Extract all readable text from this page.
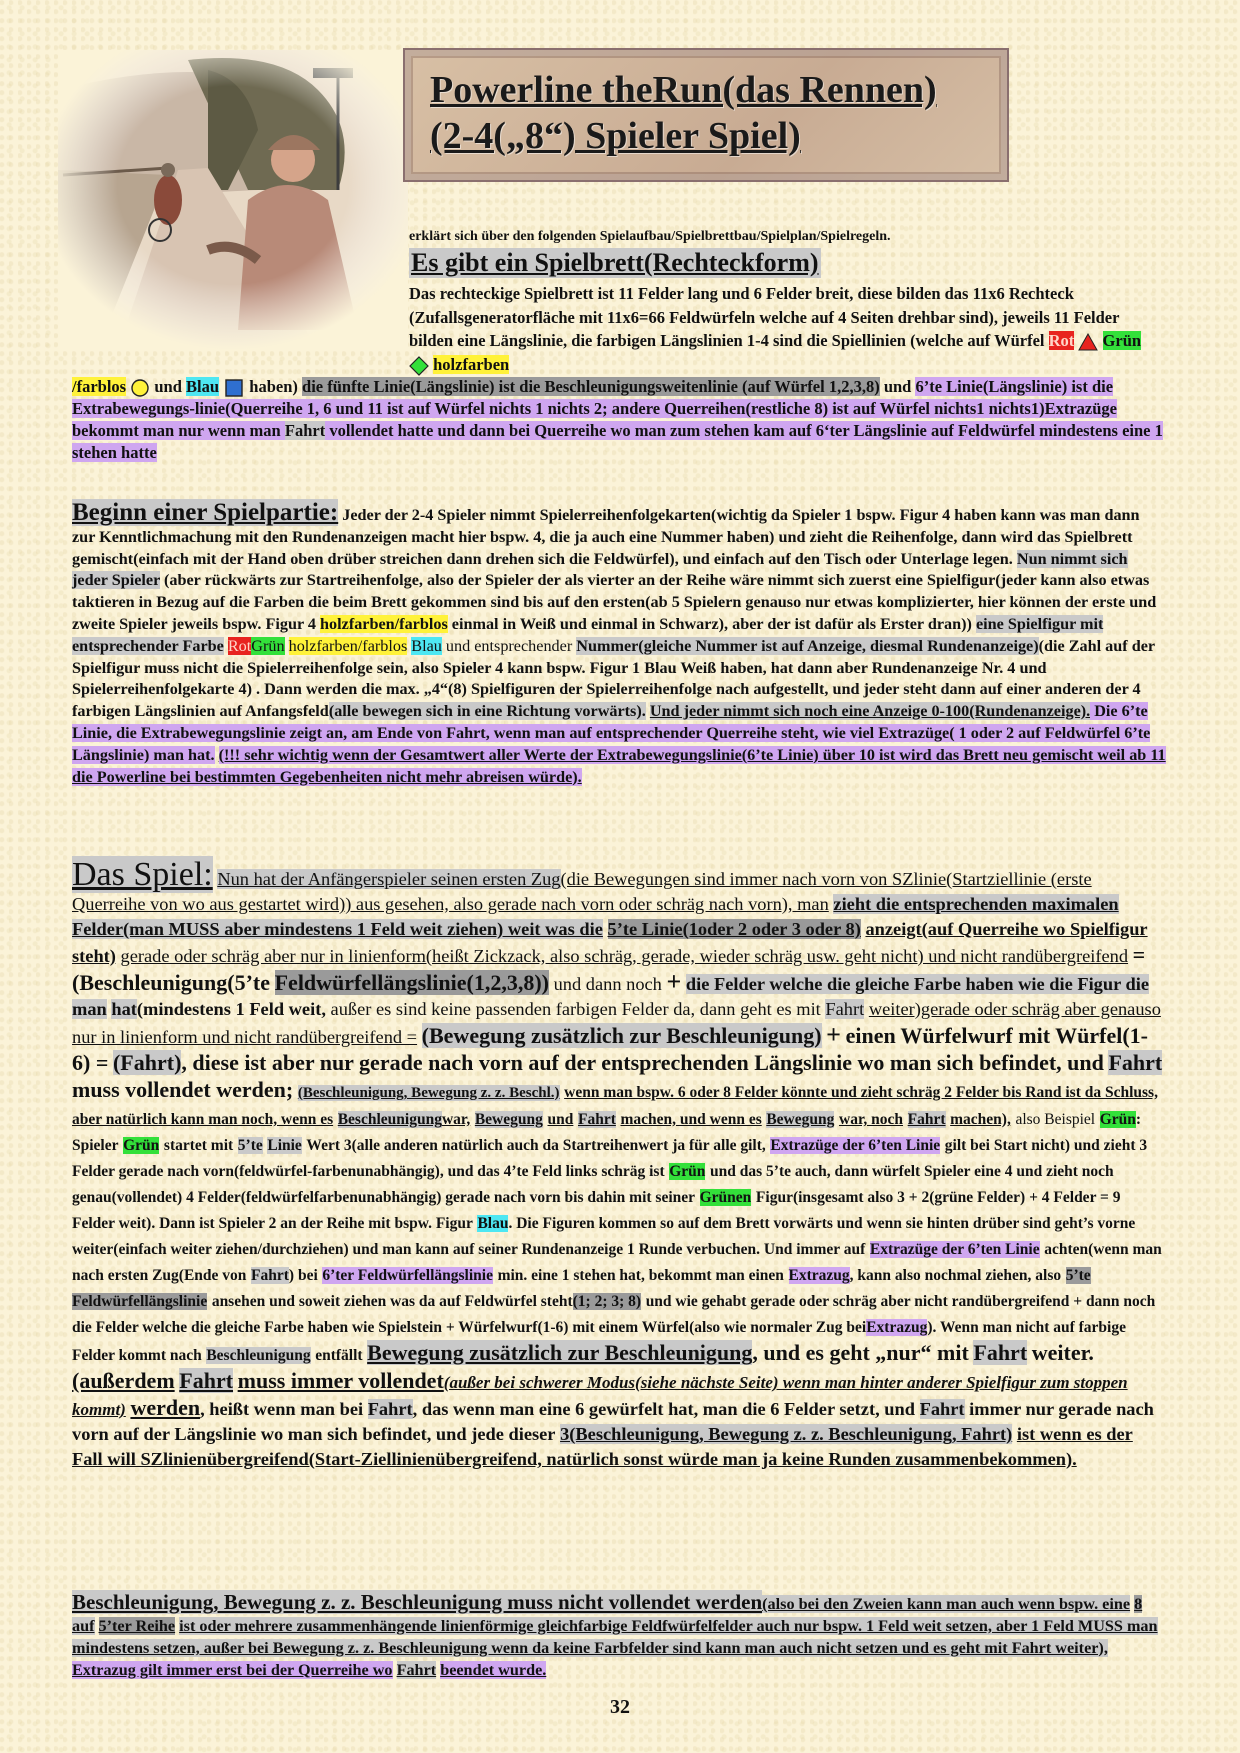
Powerline theRun(das Rennen)
(2-4(„8“) Spieler Spiel)
erklärt sich über den folgenden Spielaufbau/Spielbrettbau/Spielplan/Spielregeln.
Es gibt ein Spielbrett(Rechteckform)
Das rechteckige Spielbrett ist 11 Felder lang und 6 Felder breit, diese bilden das 11x6 Rechteck (Zufallsgeneratorfläche mit 11x6=66 Feldwürfeln welche auf 4 Seiten drehbar sind), jeweils 11 Felder bilden eine Längslinie, die farbigen Längslinien 1-4 sind die Spiellinien (welche auf Würfel Rot Grün holzfarben
/farblos und Blau haben) die fünfte Linie(Längslinie) ist die Beschleunigungsweitenlinie (auf Würfel 1,2,3,8) und 6’te Linie(Längslinie) ist die Extrabewegungs-linie(Querreihe 1, 6 und 11 ist auf Würfel nichts 1 nichts 2; andere Querreihen(restliche 8) ist auf Würfel nichts1 nichts1)Extrazüge bekommt man nur wenn man Fahrt vollendet hatte und dann bei Querreihe wo man zum stehen kam auf 6‘ter Längslinie auf Feldwürfel mindestens eine 1 stehen hatte
Beginn einer Spielpartie: Jeder der 2-4 Spieler nimmt Spielerreihenfolgekarten(wichtig da Spieler 1 bspw. Figur 4 haben kann was man dann zur Kenntlichmachung mit den Rundenanzeigen macht hier bspw. 4, die ja auch eine Nummer haben) und zieht die Reihenfolge, dann wird das Spielbrett gemischt(einfach mit der Hand oben drüber streichen dann drehen sich die Feldwürfel), und einfach auf den Tisch oder Unterlage legen. Nun nimmt sich jeder Spieler (aber rückwärts zur Startreihenfolge, also der Spieler der als vierter an der Reihe wäre nimmt sich zuerst eine Spielfigur(jeder kann also etwas taktieren in Bezug auf die Farben die beim Brett gekommen sind bis auf den ersten(ab 5 Spielern genauso nur etwas komplizierter, hier können der erste und zweite Spieler jeweils bspw. Figur 4 holzfarben/farblos einmal in Weiß und einmal in Schwarz), aber der ist dafür als Erster dran)) eine Spielfigur mit entsprechender Farbe RotGrün holzfarben/farblos Blau und entsprechender Nummer(gleiche Nummer ist auf Anzeige, diesmal Rundenanzeige)(die Zahl auf der Spielfigur muss nicht die Spielerreihenfolge sein, also Spieler 4 kann bspw. Figur 1 Blau Weiß haben, hat dann aber Rundenanzeige Nr. 4 und Spielerreihenfolgekarte 4) . Dann werden die max. „4“(8) Spielfiguren der Spielerreihenfolge nach aufgestellt, und jeder steht dann auf einer anderen der 4 farbigen Längslinien auf Anfangsfeld(alle bewegen sich in eine Richtung vorwärts). Und jeder nimmt sich noch eine Anzeige 0-100(Rundenanzeige). Die 6’te Linie, die Extrabewegungslinie zeigt an, am Ende von Fahrt, wenn man auf entsprechender Querreihe steht, wie viel Extrazüge( 1 oder 2 auf Feldwürfel 6’te Längslinie) man hat. (!!! sehr wichtig wenn der Gesamtwert aller Werte der Extrabewegungslinie(6’te Linie) über 10 ist wird das Brett neu gemischt weil ab 11 die Powerline bei bestimmten Gegebenheiten nicht mehr abreisen würde).
Das Spiel: Nun hat der Anfängerspieler seinen ersten Zug(die Bewegungen sind immer nach vorn von SZlinie(Startziellinie (erste Querreihe von wo aus gestartet wird)) aus gesehen, also gerade nach vorn oder schräg nach vorn), man zieht die entsprechenden maximalen Felder(man MUSS aber mindestens 1 Feld weit ziehen) weit was die 5’te Linie(1oder 2 oder 3 oder 8) anzeigt(auf Querreihe wo Spielfigur steht) gerade oder schräg aber nur in linienform(heißt Zickzack, also schräg, gerade, wieder schräg usw. geht nicht) und nicht randübergreifend = (Beschleunigung(5’te Feldwürfellängslinie(1,2,3,8)) und dann noch + die Felder welche die gleiche Farbe haben wie die Figur die man hat(mindestens 1 Feld weit, außer es sind keine passenden farbigen Felder da, dann geht es mit Fahrt weiter)gerade oder schräg aber genauso nur in linienform und nicht randübergreifend = (Bewegung zusätzlich zur Beschleunigung) + einen Würfelwurf mit Würfel(1-6) = (Fahrt), diese ist aber nur gerade nach vorn auf der entsprechenden Längslinie wo man sich befindet, und Fahrt muss vollendet werden; (Beschleunigung, Bewegung z. z. Beschl.) wenn man bspw. 6 oder 8 Felder könnte und zieht schräg 2 Felder bis Rand ist da Schluss, aber natürlich kann man noch, wenn es Beschleunigungwar, Bewegung und Fahrt machen, und wenn es Bewegung war, noch Fahrt machen), also Beispiel Grün: Spieler Grün startet mit 5’te Linie Wert 3(alle anderen natürlich auch da Startreihenwert ja für alle gilt, Extrazüge der 6’ten Linie gilt bei Start nicht) und zieht 3 Felder gerade nach vorn(feldwürfel-farbenunabhängig), und das 4’te Feld links schräg ist Grün und das 5’te auch, dann würfelt Spieler eine 4 und zieht noch genau(vollendet) 4 Felder(feldwürfelfarbenunabhängig) gerade nach vorn bis dahin mit seiner Grünen Figur(insgesamt also 3 + 2(grüne Felder) + 4 Felder = 9 Felder weit). Dann ist Spieler 2 an der Reihe mit bspw. Figur Blau. Die Figuren kommen so auf dem Brett vorwärts und wenn sie hinten drüber sind geht’s vorne weiter(einfach weiter ziehen/durchziehen) und man kann auf seiner Rundenanzeige 1 Runde verbuchen. Und immer auf Extrazüge der 6’ten Linie achten(wenn man nach ersten Zug(Ende von Fahrt) bei 6’ter Feldwürfellängslinie min. eine 1 stehen hat, bekommt man einen Extrazug, kann also nochmal ziehen, also 5’te Feldwürfellängslinie ansehen und soweit ziehen was da auf Feldwürfel steht(1; 2; 3; 8) und wie gehabt gerade oder schräg aber nicht randübergreifend + dann noch die Felder welche die gleiche Farbe haben wie Spielstein + Würfelwurf(1-6) mit einem Würfel(also wie normaler Zug beiExtrazug). Wenn man nicht auf farbige Felder kommt nach Beschleunigung entfällt Bewegung zusätzlich zur Beschleunigung, und es geht „nur“ mit Fahrt weiter. (außerdem Fahrt muss immer vollendet(außer bei schwerer Modus(siehe nächste Seite) wenn man hinter anderer Spielfigur zum stoppen kommt) werden, heißt wenn man bei Fahrt, das wenn man eine 6 gewürfelt hat, man die 6 Felder setzt, und Fahrt immer nur gerade nach vorn auf der Längslinie wo man sich befindet, und jede dieser 3(Beschleunigung, Bewegung z. z. Beschleunigung, Fahrt) ist wenn es der Fall will SZlinienübergreifend(Start-Ziellinienübergreifend, natürlich sonst würde man ja keine Runden zusammenbekommen).
Beschleunigung, Bewegung z. z. Beschleunigung muss nicht vollendet werden(also bei den Zweien kann man auch wenn bspw. eine 8 auf 5’ter Reihe ist oder mehrere zusammenhängende linienförmige gleichfarbige Feldfwürfelfelder auch nur bspw. 1 Feld weit setzen, aber 1 Feld MUSS man mindestens setzen, außer bei Bewegung z. z. Beschleunigung wenn da keine Farbfelder sind kann man auch nicht setzen und es geht mit Fahrt weiter), Extrazug gilt immer erst bei der Querreihe wo Fahrt beendet wurde.
32
